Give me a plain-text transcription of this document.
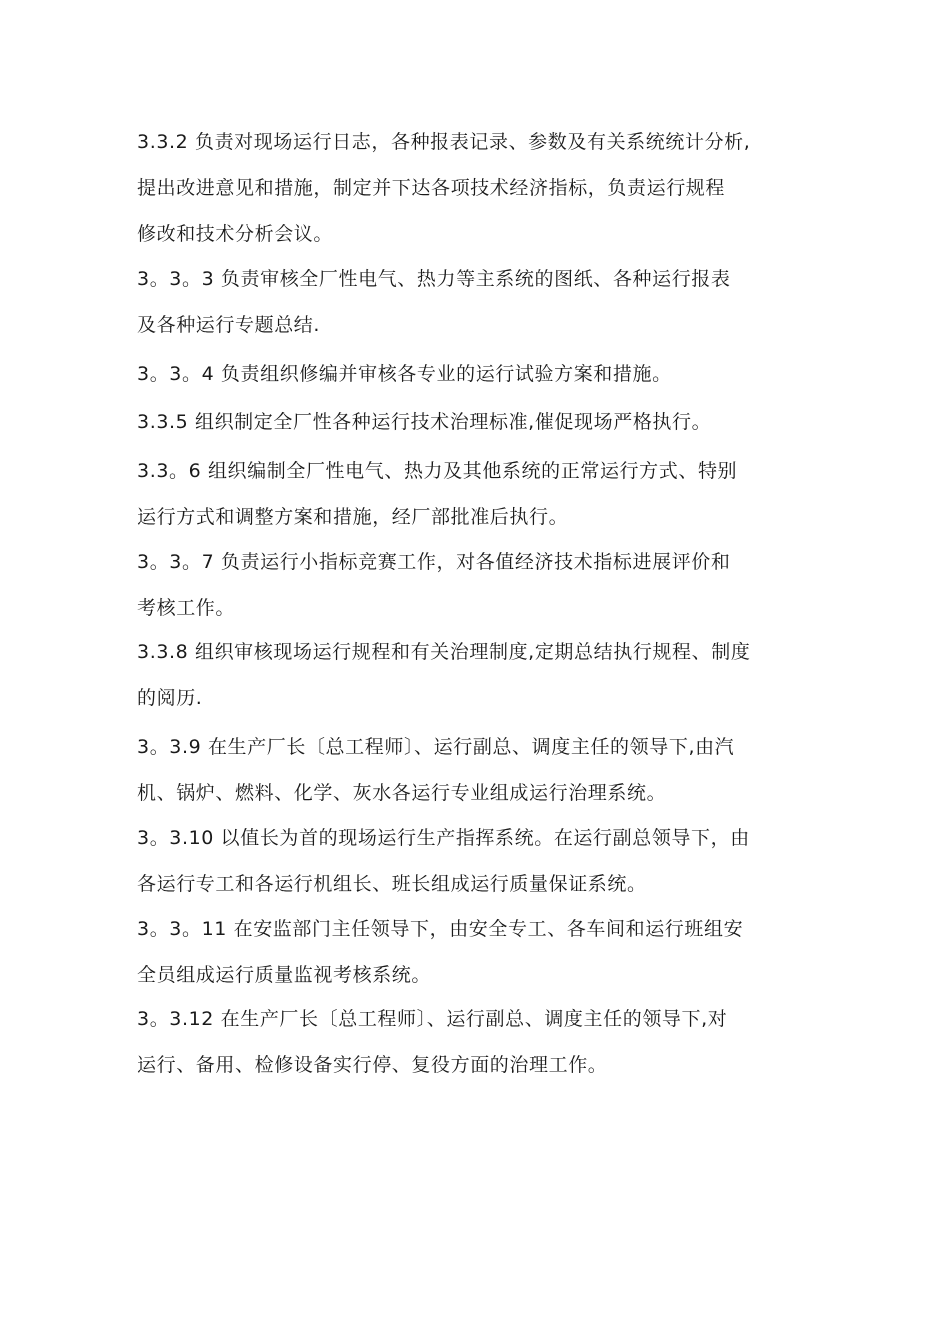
3.3.2 负责对现场运行日志，各种报表记录、参数及有关系统统计分析,
提出改进意见和措施，制定并下达各项技术经济指标，负责运行规程
修改和技术分析会议。
3。3。3 负责审核全厂性电气、热力等主系统的图纸、各种运行报表
及各种运行专题总结.
3。3。4 负责组织修编并审核各专业的运行试验方案和措施。
3.3.5 组织制定全厂性各种运行技术治理标准,催促现场严格执行。
3.3。6 组织编制全厂性电气、热力及其他系统的正常运行方式、特别
运行方式和调整方案和措施，经厂部批准后执行。
3。3。7 负责运行小指标竞赛工作，对各值经济技术指标进展评价和
考核工作。
3.3.8 组织审核现场运行规程和有关治理制度,定期总结执行规程、制度
的阅历.
3。3.9 在生产厂长〔总工程师〕、运行副总、调度主任的领导下,由汽
机、锅炉、燃料、化学、灰水各运行专业组成运行治理系统。
3。3.10 以值长为首的现场运行生产指挥系统。在运行副总领导下，由
各运行专工和各运行机组长、班长组成运行质量保证系统。
3。3。11 在安监部门主任领导下，由安全专工、各车间和运行班组安
全员组成运行质量监视考核系统。
3。3.12 在生产厂长〔总工程师〕、运行副总、调度主任的领导下,对
运行、备用、检修设备实行停、复役方面的治理工作。
